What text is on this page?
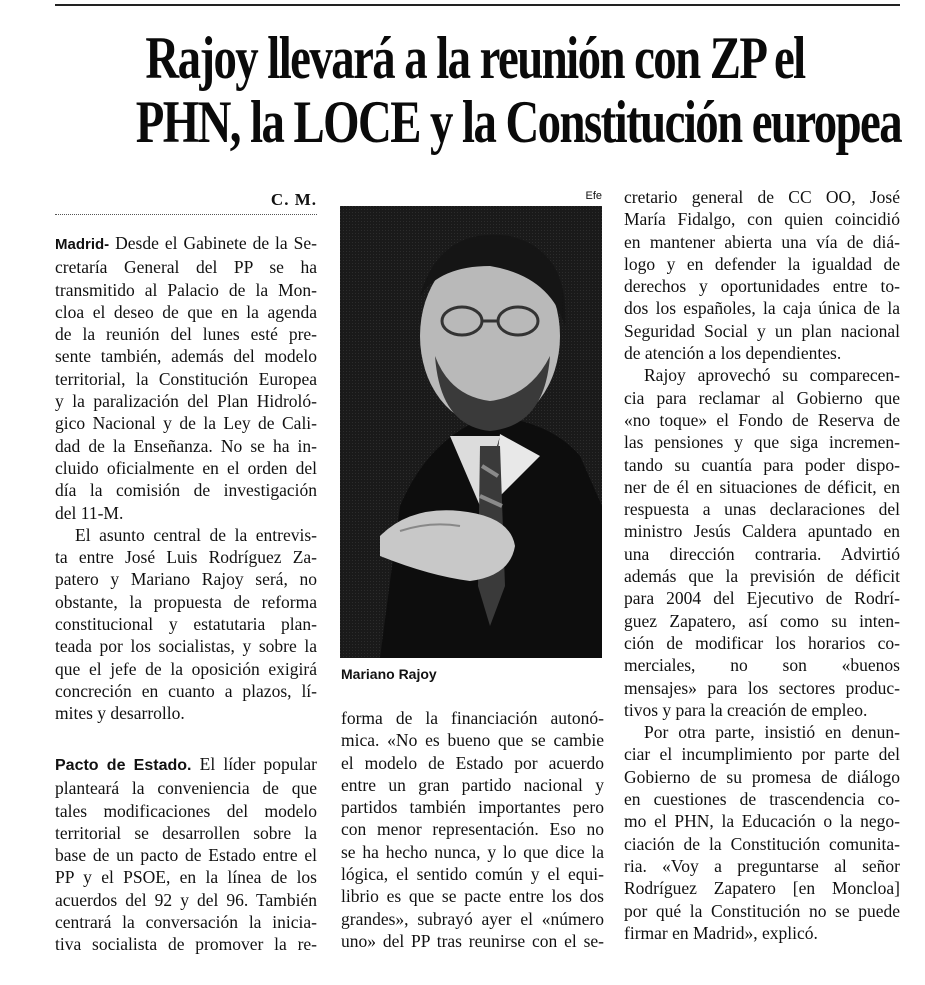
Rajoy llevará a la reunión con ZP el
PHN, la LOCE y la Constitución europea
C. M.
Madrid- Desde el Gabinete de la Se-
cretaría General del PP se ha
transmitido al Palacio de la Mon-
cloa el deseo de que en la agenda
de la reunión del lunes esté pre-
sente también, además del modelo
territorial, la Constitución Europea
y la paralización del Plan Hidroló-
gico Nacional y de la Ley de Cali-
dad de la Enseñanza. No se ha in-
cluido oficialmente en el orden del
día la comisión de investigación
del 11-M.
El asunto central de la entrevis-
ta entre José Luis Rodríguez Za-
patero y Mariano Rajoy será, no
obstante, la propuesta de reforma
constitucional y estatutaria plan-
teada por los socialistas, y sobre la
que el jefe de la oposición exigirá
concreción en cuanto a plazos, lí-
mites y desarrollo.
Pacto de Estado. El líder popular
planteará la conveniencia de que
tales modificaciones del modelo
territorial se desarrollen sobre la
base de un pacto de Estado entre el
PP y el PSOE, en la línea de los
acuerdos del 92 y del 96. También
centrará la conversación la inicia-
tiva socialista de promover la re-
Efe
Mariano Rajoy
forma de la financiación autonó-
mica. «No es bueno que se cambie
el modelo de Estado por acuerdo
entre un gran partido nacional y
partidos también importantes pero
con menor representación. Eso no
se ha hecho nunca, y lo que dice la
lógica, el sentido común y el equi-
librio es que se pacte entre los dos
grandes», subrayó ayer el «número
uno» del PP tras reunirse con el se-
cretario general de CC OO, José
María Fidalgo, con quien coincidió
en mantener abierta una vía de diá-
logo y en defender la igualdad de
derechos y oportunidades entre to-
dos los españoles, la caja única de la
Seguridad Social y un plan nacional
de atención a los dependientes.
Rajoy aprovechó su comparecen-
cia para reclamar al Gobierno que
«no toque» el Fondo de Reserva de
las pensiones y que siga incremen-
tando su cuantía para poder dispo-
ner de él en situaciones de déficit, en
respuesta a unas declaraciones del
ministro Jesús Caldera apuntado en
una dirección contraria. Advirtió
además que la previsión de déficit
para 2004 del Ejecutivo de Rodrí-
guez Zapatero, así como su inten-
ción de modificar los horarios co-
merciales, no son «buenos
mensajes» para los sectores produc-
tivos y para la creación de empleo.
Por otra parte, insistió en denun-
ciar el incumplimiento por parte del
Gobierno de su promesa de diálogo
en cuestiones de trascendencia co-
mo el PHN, la Educación o la nego-
ciación de la Constitución comunita-
ria. «Voy a preguntarse al señor
Rodríguez Zapatero [en Moncloa]
por qué la Constitución no se puede
firmar en Madrid», explicó.
